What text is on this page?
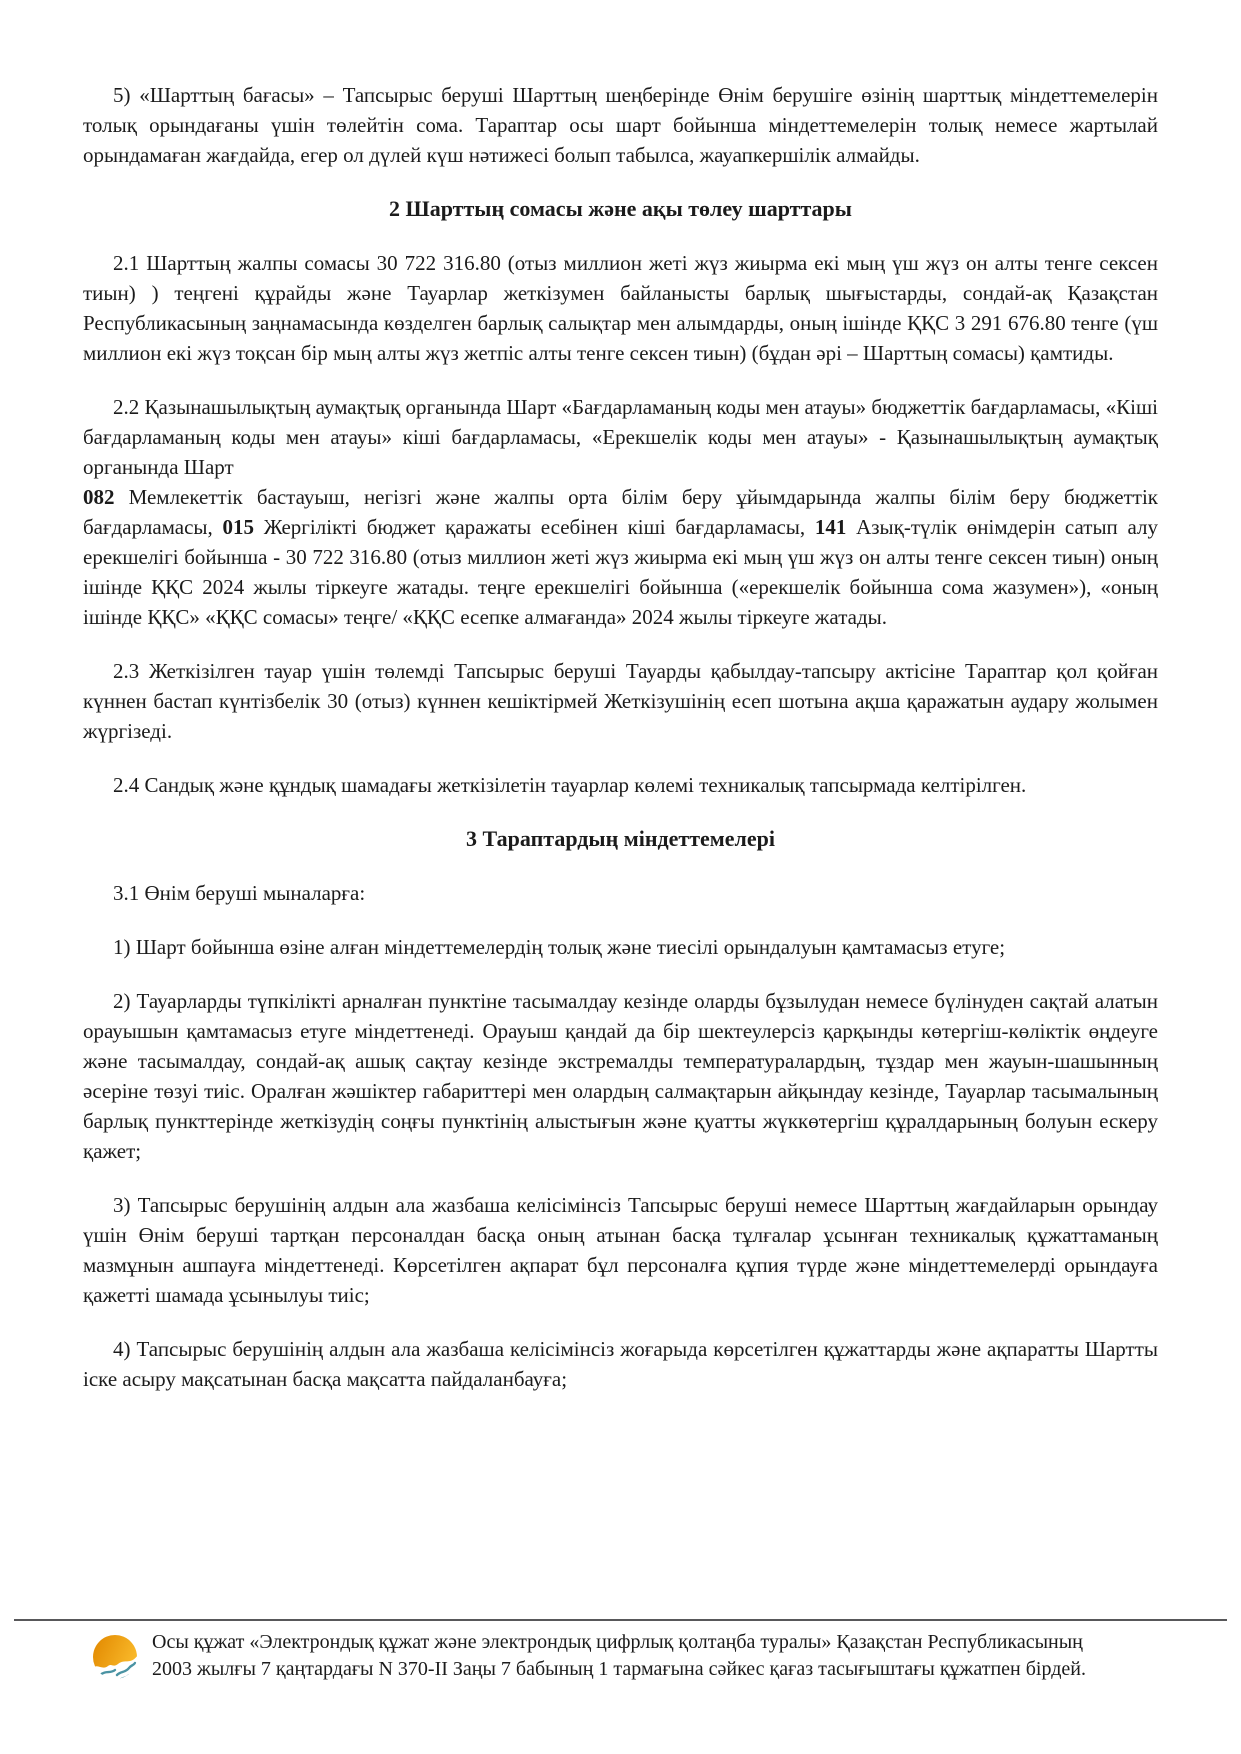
5) «Шарттың бағасы» – Тапсырыс беруші Шарттың шеңберінде Өнім берушіге өзінің шарттық міндеттемелерін толық орындағаны үшін төлейтін сома. Тараптар осы шарт бойынша міндеттемелерін толық немесе жартылай орындамаған жағдайда, егер ол дүлей күш нәтижесі болып табылса, жауапкершілік алмайды.

2 Шарттың сомасы және ақы төлеу шарттары

2.1 Шарттың жалпы сомасы 30 722 316.80 (отыз миллион жеті жүз жиырма екі мың үш жүз он алты тенге сексен тиын) ) теңгені құрайды және Тауарлар жеткізумен байланысты барлық шығыстарды, сондай-ақ Қазақстан Республикасының заңнамасында көзделген барлық салықтар мен алымдарды, оның ішінде ҚҚС 3 291 676.80 тенге (үш миллион екі жүз тоқсан бір мың алты жүз жетпіс алты тенге сексен тиын) (бұдан әрі – Шарттың сомасы) қамтиды.

2.2 Қазынашылықтың аумақтық органында Шарт «Бағдарламаның коды мен атауы» бюджеттік бағдарламасы, «Кіші бағдарламаның коды мен атауы» кіші бағдарламасы, «Ерекшелік коды мен атауы» - Қазынашылықтың аумақтық органында Шарт

082 Мемлекеттік бастауыш, негізгі және жалпы орта білім беру ұйымдарында жалпы білім беру бюджеттік бағдарламасы, 015 Жергілікті бюджет қаражаты есебінен кіші бағдарламасы, 141 Азық-түлік өнімдерін сатып алу ерекшелігі бойынша - 30 722 316.80 (отыз миллион жеті жүз жиырма екі мың үш жүз он алты тенге сексен тиын) оның ішінде ҚҚС 2024 жылы тіркеуге жатады. теңге ерекшелігі бойынша («ерекшелік бойынша сома жазумен»), «оның ішінде ҚҚС» «ҚҚС сомасы» теңге/ «ҚҚС есепке алмағанда» 2024 жылы тіркеуге жатады.

2.3 Жеткізілген тауар үшін төлемді Тапсырыс беруші Тауарды қабылдау-тапсыру актісіне Тараптар қол қойған күннен бастап күнтізбелік 30 (отыз) күннен кешіктірмей Жеткізушінің есеп шотына ақша қаражатын аудару жолымен жүргізеді.

2.4 Сандық және құндық шамадағы жеткізілетін тауарлар көлемі техникалық тапсырмада келтірілген.

3 Тараптардың міндеттемелері

3.1 Өнім беруші мыналарға:

1) Шарт бойынша өзіне алған міндеттемелердің толық және тиесілі орындалуын қамтамасыз етуге;

2) Тауарларды түпкілікті арналған пунктіне тасымалдау кезінде оларды бұзылудан немесе бүлінуден сақтай алатын орауышын қамтамасыз етуге міндеттенеді. Орауыш қандай да бір шектеулерсіз қарқынды көтергіш-көліктік өңдеуге және тасымалдау, сондай-ақ ашық сақтау кезінде экстремалды температуралардың, тұздар мен жауын-шашынның әсеріне төзуі тиіс. Оралған жәшіктер габариттері мен олардың салмақтарын айқындау кезінде, Тауарлар тасымалының барлық пункттерінде жеткізудің соңғы пунктінің алыстығын және қуатты жүккөтергіш құралдарының болуын ескеру қажет;

3) Тапсырыс берушінің алдын ала жазбаша келісімінсіз Тапсырыс беруші немесе Шарттың жағдайларын орындау үшін Өнім беруші тартқан персоналдан басқа оның атынан басқа тұлғалар ұсынған техникалық құжаттаманың мазмұнын ашпауға міндеттенеді. Көрсетілген ақпарат бұл персоналға құпия түрде және міндеттемелерді орындауға қажетті шамада ұсынылуы тиіс;

4) Тапсырыс берушінің алдын ала жазбаша келісімінсіз жоғарыда көрсетілген құжаттарды және ақпаратты Шартты іске асыру мақсатынан басқа мақсатта пайдаланбауға;

Осы құжат «Электрондық құжат және электрондық цифрлық қолтаңба туралы» Қазақстан Республикасының 2003 жылғы 7 қаңтардағы N 370-II Заңы 7 бабының 1 тармағына сәйкес қағаз тасығыштағы құжатпен бірдей.
